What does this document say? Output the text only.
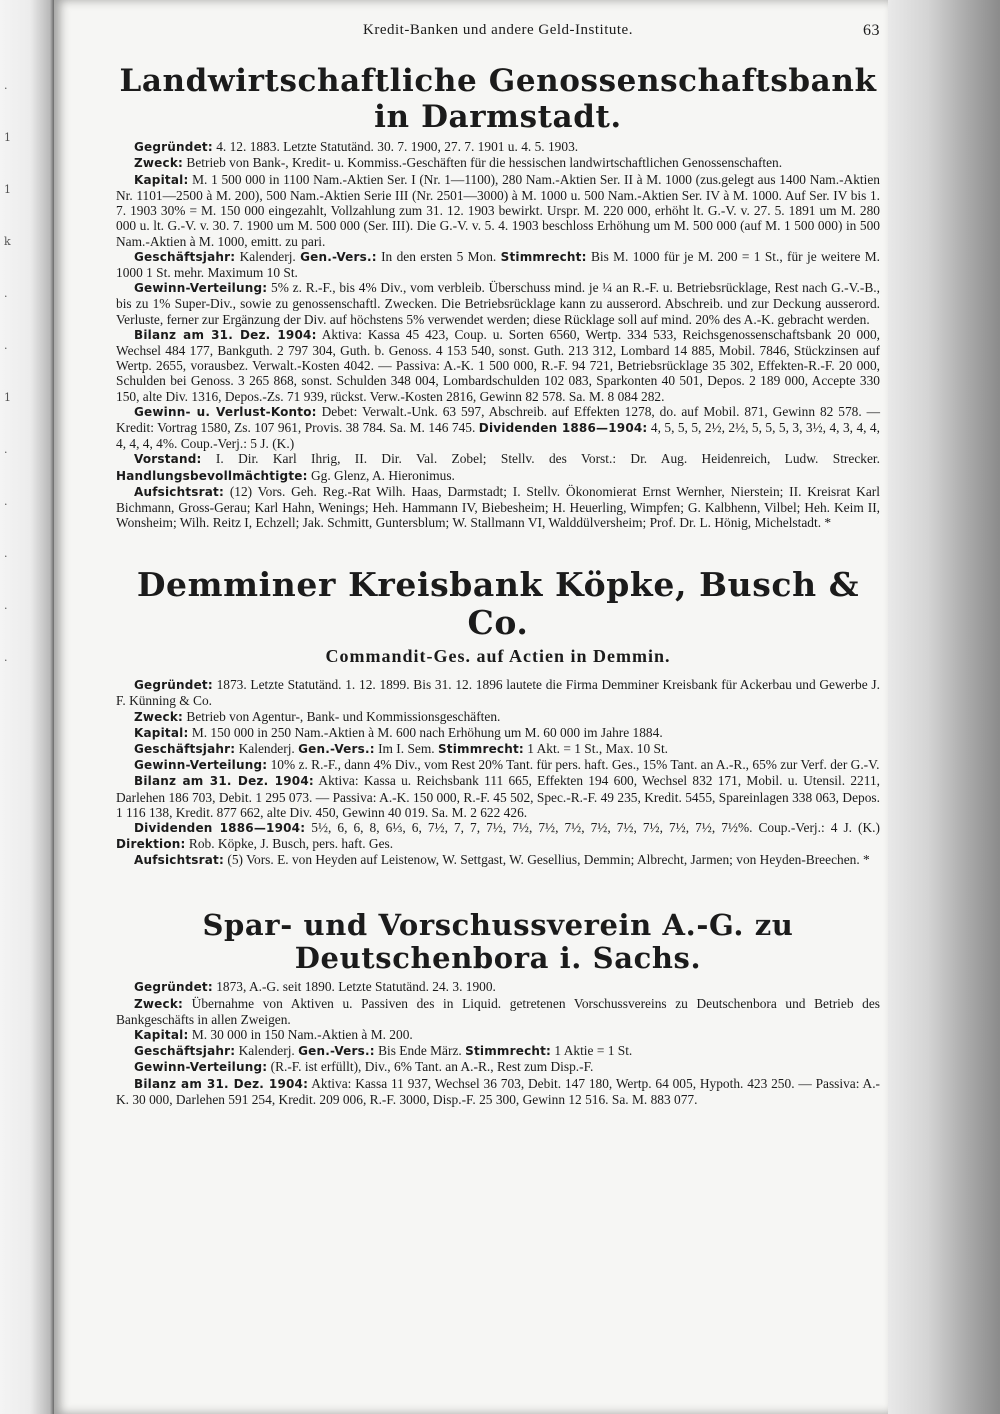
.
1
1
k
.
.
1
.
.
.
.
.
Kredit-Banken und andere Geld-Institute.	63
Landwirtschaftliche Genossenschaftsbank in Darmstadt.

Gegründet: 4. 12. 1883. Letzte Statutänd. 30. 7. 1900, 27. 7. 1901 u. 4. 5. 1903.

Zweck: Betrieb von Bank-, Kredit- u. Kommiss.-Geschäften für die hessischen landwirtschaftlichen Genossenschaften.

Kapital: M. 1 500 000 in 1100 Nam.-Aktien Ser. I (Nr. 1—1100), 280 Nam.-Aktien Ser. II à M. 1000 (zus.gelegt aus 1400 Nam.-Aktien Nr. 1101—2500 à M. 200), 500 Nam.-Aktien Serie III (Nr. 2501—3000) à M. 1000 u. 500 Nam.-Aktien Ser. IV à M. 1000. Auf Ser. IV bis 1. 7. 1903 30% = M. 150 000 eingezahlt, Vollzahlung zum 31. 12. 1903 bewirkt. Urspr. M. 220 000, erhöht lt. G.-V. v. 27. 5. 1891 um M. 280 000 u. lt. G.-V. v. 30. 7. 1900 um M. 500 000 (Ser. III). Die G.-V. v. 5. 4. 1903 beschloss Erhöhung um M. 500 000 (auf M. 1 500 000) in 500 Nam.-Aktien à M. 1000, emitt. zu pari.

Geschäftsjahr: Kalenderj. Gen.-Vers.: In den ersten 5 Mon. Stimmrecht: Bis M. 1000 für je M. 200 = 1 St., für je weitere M. 1000 1 St. mehr. Maximum 10 St.

Gewinn-Verteilung: 5% z. R.-F., bis 4% Div., vom verbleib. Überschuss mind. je ¼ an R.-F. u. Betriebsrücklage, Rest nach G.-V.-B., bis zu 1% Super-Div., sowie zu genossenschaftl. Zwecken. Die Betriebsrücklage kann zu ausserord. Abschreib. und zur Deckung ausserord. Verluste, ferner zur Ergänzung der Div. auf höchstens 5% verwendet werden; diese Rücklage soll auf mind. 20% des A.-K. gebracht werden.

Bilanz am 31. Dez. 1904: Aktiva: Kassa 45 423, Coup. u. Sorten 6560, Wertp. 334 533, Reichsgenossenschaftsbank 20 000, Wechsel 484 177, Bankguth. 2 797 304, Guth. b. Genoss. 4 153 540, sonst. Guth. 213 312, Lombard 14 885, Mobil. 7846, Stückzinsen auf Wertp. 2655, vorausbez. Verwalt.-Kosten 4042. — Passiva: A.-K. 1 500 000, R.-F. 94 721, Betriebsrücklage 35 302, Effekten-R.-F. 20 000, Schulden bei Genoss. 3 265 868, sonst. Schulden 348 004, Lombardschulden 102 083, Sparkonten 40 501, Depos. 2 189 000, Accepte 330 150, alte Div. 1316, Depos.-Zs. 71 939, rückst. Verw.-Kosten 2816, Gewinn 82 578. Sa. M. 8 084 282.

Gewinn- u. Verlust-Konto: Debet: Verwalt.-Unk. 63 597, Abschreib. auf Effekten 1278, do. auf Mobil. 871, Gewinn 82 578. — Kredit: Vortrag 1580, Zs. 107 961, Provis. 38 784. Sa. M. 146 745. Dividenden 1886—1904: 4, 5, 5, 5, 2½, 2½, 5, 5, 5, 3, 3½, 4, 3, 4, 4, 4, 4, 4, 4%. Coup.-Verj.: 5 J. (K.)

Vorstand: I. Dir. Karl Ihrig, II. Dir. Val. Zobel; Stellv. des Vorst.: Dr. Aug. Heidenreich, Ludw. Strecker. Handlungsbevollmächtigte: Gg. Glenz, A. Hieronimus.

Aufsichtsrat: (12) Vors. Geh. Reg.-Rat Wilh. Haas, Darmstadt; I. Stellv. Ökonomierat Ernst Wernher, Nierstein; II. Kreisrat Karl Bichmann, Gross-Gerau; Karl Hahn, Wenings; Heh. Hammann IV, Biebesheim; H. Heuerling, Wimpfen; G. Kalbhenn, Vilbel; Heh. Keim II, Wonsheim; Wilh. Reitz I, Echzell; Jak. Schmitt, Guntersblum; W. Stallmann VI, Walddülversheim; Prof. Dr. L. Hönig, Michelstadt. *

Demminer Kreisbank Köpke, Busch & Co.
Commandit-Ges. auf Actien in Demmin.

Gegründet: 1873. Letzte Statutänd. 1. 12. 1899. Bis 31. 12. 1896 lautete die Firma Demminer Kreisbank für Ackerbau und Gewerbe J. F. Künning & Co.

Zweck: Betrieb von Agentur-, Bank- und Kommissionsgeschäften.

Kapital: M. 150 000 in 250 Nam.-Aktien à M. 600 nach Erhöhung um M. 60 000 im Jahre 1884.

Geschäftsjahr: Kalenderj. Gen.-Vers.: Im I. Sem. Stimmrecht: 1 Akt. = 1 St., Max. 10 St.

Gewinn-Verteilung: 10% z. R.-F., dann 4% Div., vom Rest 20% Tant. für pers. haft. Ges., 15% Tant. an A.-R., 65% zur Verf. der G.-V.

Bilanz am 31. Dez. 1904: Aktiva: Kassa u. Reichsbank 111 665, Effekten 194 600, Wechsel 832 171, Mobil. u. Utensil. 2211, Darlehen 186 703, Debit. 1 295 073. — Passiva: A.-K. 150 000, R.-F. 45 502, Spec.-R.-F. 49 235, Kredit. 5455, Spareinlagen 338 063, Depos. 1 116 138, Kredit. 877 662, alte Div. 450, Gewinn 40 019. Sa. M. 2 622 426.

Dividenden 1886—1904: 5½, 6, 6, 8, 6⅓, 6, 7½, 7, 7, 7½, 7½, 7½, 7½, 7½, 7½, 7½, 7½, 7½, 7½%. Coup.-Verj.: 4 J. (K.) Direktion: Rob. Köpke, J. Busch, pers. haft. Ges.

Aufsichtsrat: (5) Vors. E. von Heyden auf Leistenow, W. Settgast, W. Gesellius, Demmin; Albrecht, Jarmen; von Heyden-Breechen. *

Spar- und Vorschussverein A.-G. zu Deutschenbora i. Sachs.

Gegründet: 1873, A.-G. seit 1890. Letzte Statutänd. 24. 3. 1900.

Zweck: Übernahme von Aktiven u. Passiven des in Liquid. getretenen Vorschussvereins zu Deutschenbora und Betrieb des Bankgeschäfts in allen Zweigen.

Kapital: M. 30 000 in 150 Nam.-Aktien à M. 200.

Geschäftsjahr: Kalenderj. Gen.-Vers.: Bis Ende März. Stimmrecht: 1 Aktie = 1 St.

Gewinn-Verteilung: (R.-F. ist erfüllt), Div., 6% Tant. an A.-R., Rest zum Disp.-F.

Bilanz am 31. Dez. 1904: Aktiva: Kassa 11 937, Wechsel 36 703, Debit. 147 180, Wertp. 64 005, Hypoth. 423 250. — Passiva: A.-K. 30 000, Darlehen 591 254, Kredit. 209 006, R.-F. 3000, Disp.-F. 25 300, Gewinn 12 516. Sa. M. 883 077.
